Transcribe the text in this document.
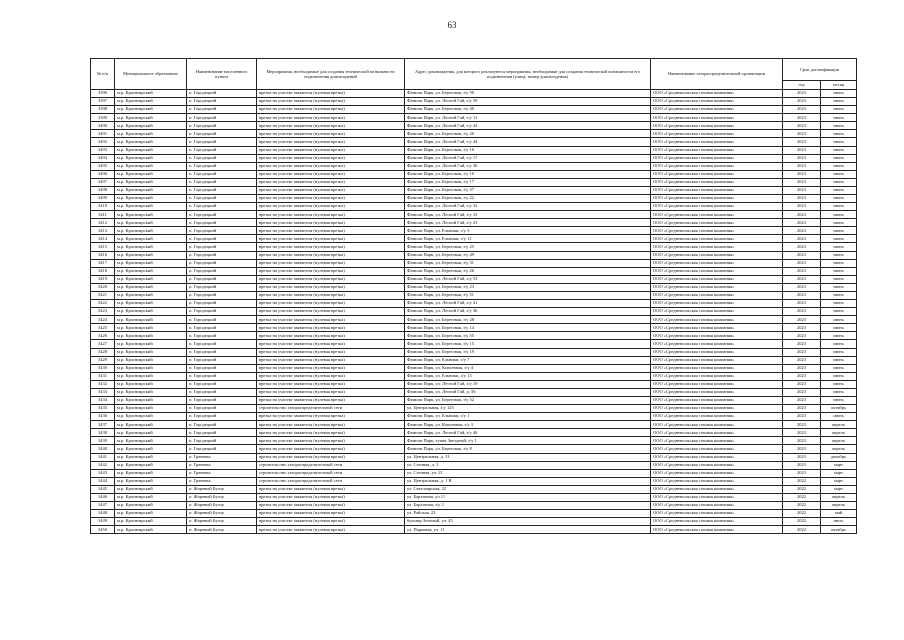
63
№ п/п	Муниципальное образование	Наименование населенного пункта	Мероприятия, необходимые для создания технической возможности подключения домовладений	Адрес домовладения, для которого реализуются мероприятия, необходимые для создания технической возможности его подключения (улица, номер домовладения)	Наименование газораспределительной организации	Срок догазификации	
						год	месяц
3396	м.р. Красноярский	п. Городецкий	врезка на участке заявителя (нулевая врезка)	Фэмили Парк, ул. Береговая, з/у 50	ООО «Средневолжская газовая компания»	2023	июнь
3397	м.р. Красноярский	п. Городецкий	врезка на участке заявителя (нулевая врезка)	Фэмили Парк, ул. Лесной Гай, з/у 39	ООО «Средневолжская газовая компания»	2023	июнь
3398	м.р. Красноярский	п. Городецкий	врезка на участке заявителя (нулевая врезка)	Фэмили Парк, ул. Береговая, з/у 40	ООО «Средневолжская газовая компания»	2023	июнь
3399	м.р. Красноярский	п. Городецкий	врезка на участке заявителя (нулевая врезка)	Фэмили Парк, ул. Лесной Гай, з/у 12	ООО «Средневолжская газовая компания»	2023	июнь
3400	м.р. Красноярский	п. Городецкий	врезка на участке заявителя (нулевая врезка)	Фэмили Парк, ул. Лесной Гай, з/у 42	ООО «Средневолжская газовая компания»	2023	июнь
3401	м.р. Красноярский	п. Городецкий	врезка на участке заявителя (нулевая врезка)	Фэмили Парк, ул. Береговая, з/у 20	ООО «Средневолжская газовая компания»	2023	июнь
3402	м.р. Красноярский	п. Городецкий	врезка на участке заявителя (нулевая врезка)	Фэмили Парк, ул. Лесной Гай, з/у 44	ООО «Средневолжская газовая компания»	2023	июнь
3403	м.р. Красноярский	п. Городецкий	врезка на участке заявителя (нулевая врезка)	Фэмили Парк, ул. Береговая, з/у 16	ООО «Средневолжская газовая компания»	2023	июнь
3404	м.р. Красноярский	п. Городецкий	врезка на участке заявителя (нулевая врезка)	Фэмили Парк, ул. Лесной Гай, з/у 17	ООО «Средневолжская газовая компания»	2023	июнь
3405	м.р. Красноярский	п. Городецкий	врезка на участке заявителя (нулевая врезка)	Фэмили Парк, ул. Лесной Гай, з/у 36	ООО «Средневолжская газовая компания»	2023	июнь
3406	м.р. Красноярский	п. Городецкий	врезка на участке заявителя (нулевая врезка)	Фэмили Парк, ул. Береговая, з/у 10	ООО «Средневолжская газовая компания»	2023	июнь
3407	м.р. Красноярский	п. Городецкий	врезка на участке заявителя (нулевая врезка)	Фэмили Парк, ул. Береговая, з/у 17	ООО «Средневолжская газовая компания»	2023	июнь
3408	м.р. Красноярский	п. Городецкий	врезка на участке заявителя (нулевая врезка)	Фэмили Парк, ул. Береговая, з/у 37	ООО «Средневолжская газовая компания»	2023	июнь
3409	м.р. Красноярский	п. Городецкий	врезка на участке заявителя (нулевая врезка)	Фэмили Парк, ул. Береговая, з/у 22	ООО «Средневолжская газовая компания»	2023	июнь
3410	м.р. Красноярский	п. Городецкий	врезка на участке заявителя (нулевая врезка)	Фэмили Парк, ул. Лесной Гай, з/у 32	ООО «Средневолжская газовая компания»	2023	июнь
3411	м.р. Красноярский	п. Городецкий	врезка на участке заявителя (нулевая врезка)	Фэмили Парк, ул. Лесной Гай, з/у 33	ООО «Средневолжская газовая компания»	2023	июнь
3412	м.р. Красноярский	п. Городецкий	врезка на участке заявителя (нулевая врезка)	Фэмили Парк, ул. Лесной Гай, з/у 23	ООО «Средневолжская газовая компания»	2023	июнь
3413	м.р. Красноярский	п. Городецкий	врезка на участке заявителя (нулевая врезка)	Фэмили Парк, ул. Ельники, з/у 3	ООО «Средневолжская газовая компания»	2023	июнь
3414	м.р. Красноярский	п. Городецкий	врезка на участке заявителя (нулевая врезка)	Фэмили Парк, ул. Ельники, з/у 11	ООО «Средневолжская газовая компания»	2023	июнь
3415	м.р. Красноярский	п. Городецкий	врезка на участке заявителя (нулевая врезка)	Фэмили Парк, ул. Береговая, з/у 25	ООО «Средневолжская газовая компания»	2023	июнь
3416	м.р. Красноярский	п. Городецкий	врезка на участке заявителя (нулевая врезка)	Фэмили Парк, ул. Береговая, з/у 49	ООО «Средневолжская газовая компания»	2023	июнь
3417	м.р. Красноярский	п. Городецкий	врезка на участке заявителя (нулевая врезка)	Фэмили Парк, ул. Береговая, з/у 31	ООО «Средневолжская газовая компания»	2023	июнь
3418	м.р. Красноярский	п. Городецкий	врезка на участке заявителя (нулевая врезка)	Фэмили Парк, ул. Береговая, з/у 26	ООО «Средневолжская газовая компания»	2023	июнь
3419	м.р. Красноярский	п. Городецкий	врезка на участке заявителя (нулевая врезка)	Фэмили Парк, ул. Лесной Гай, з/у 53	ООО «Средневолжская газовая компания»	2023	июнь
3420	м.р. Красноярский	п. Городецкий	врезка на участке заявителя (нулевая врезка)	Фэмили Парк, ул. Береговая, з/у 23	ООО «Средневолжская газовая компания»	2023	июнь
3421	м.р. Красноярский	п. Городецкий	врезка на участке заявителя (нулевая врезка)	Фэмили Парк, ул. Береговая, з/у 51	ООО «Средневолжская газовая компания»	2023	июнь
3422	м.р. Красноярский	п. Городецкий	врезка на участке заявителя (нулевая врезка)	Фэмили Парк, ул. Лесной Гай, з/у 41	ООО «Средневолжская газовая компания»	2023	июнь
3423	м.р. Красноярский	п. Городецкий	врезка на участке заявителя (нулевая врезка)	Фэмили Парк, ул. Лесной Гай, з/у 36	ООО «Средневолжская газовая компания»	2023	июнь
3424	м.р. Красноярский	п. Городецкий	врезка на участке заявителя (нулевая врезка)	Фэмили Парк, ул. Береговая, з/у 28	ООО «Средневолжская газовая компания»	2023	июнь
3425	м.р. Красноярский	п. Городецкий	врезка на участке заявителя (нулевая врезка)	Фэмили Парк, ул. Береговая, з/у 14	ООО «Средневолжская газовая компания»	2023	июнь
3426	м.р. Красноярский	п. Городецкий	врезка на участке заявителя (нулевая врезка)	Фэмили Парк, ул. Береговая, з/у 55	ООО «Средневолжская газовая компания»	2023	июнь
3427	м.р. Красноярский	п. Городецкий	врезка на участке заявителя (нулевая врезка)	Фэмили Парк, ул. Береговая, з/у 15	ООО «Средневолжская газовая компания»	2023	июнь
3428	м.р. Красноярский	п. Городецкий	врезка на участке заявителя (нулевая врезка)	Фэмили Парк, ул. Береговая, з/у 19	ООО «Средневолжская газовая компания»	2023	июнь
3429	м.р. Красноярский	п. Городецкий	врезка на участке заявителя (нулевая врезка)	Фэмили Парк, ул. Ельники, з/у 7	ООО «Средневолжская газовая компания»	2023	июнь
3430	м.р. Красноярский	п. Городецкий	врезка на участке заявителя (нулевая врезка)	Фэмили Парк, ул. Копьевная, з/у 4	ООО «Средневолжская газовая компания»	2023	июнь
3431	м.р. Красноярский	п. Городецкий	врезка на участке заявителя (нулевая врезка)	Фэмили Парк, ул. Ельники, з/у 13	ООО «Средневолжская газовая компания»	2023	июнь
3432	м.р. Красноярский	п. Городецкий	врезка на участке заявителя (нулевая врезка)	Фэмили Парк, ул. Лесной Гай, з/у 19	ООО «Средневолжская газовая компания»	2023	июнь
3433	м.р. Красноярский	п. Городецкий	врезка на участке заявителя (нулевая врезка)	Фэмили Парк, ул. Лесной Гай, д. 56	ООО «Средневолжская газовая компания»	2023	июнь
3434	м.р. Красноярский	п. Городецкий	врезка на участке заявителя (нулевая врезка)	Фэмили Парк, ул. Береговая, з/у 52	ООО «Средневолжская газовая компания»	2023	июнь
3435	м.р. Красноярский	п. Городецкий	строительство газораспределительной сети	ул. Центральная, з/у 125	ООО «Средневолжская газовая компания»	2023	октябрь
3436	м.р. Красноярский	п. Городецкий	врезка на участке заявителя (нулевая врезка)	Фэмили Парк, ул. Ельники, з/у 1	ООО «Средневолжская газовая компания»	2023	июнь
3437	м.р. Красноярский	п. Городецкий	врезка на участке заявителя (нулевая врезка)	Фэмили Парк, ул. Копьевная, з/у 3	ООО «Средневолжская газовая компания»	2023	апрель
3438	м.р. Красноярский	п. Городецкий	врезка на участке заявителя (нулевая врезка)	Фэмили Парк, ул. Лесной Гай, з/у 46	ООО «Средневолжская газовая компания»	2023	апрель
3439	м.р. Красноярский	п. Городецкий	врезка на участке заявителя (нулевая врезка)	Фэмили Парк, тупик Звездный, з/у 1	ООО «Средневолжская газовая компания»	2023	апрель
3440	м.р. Красноярский	п. Городецкий	врезка на участке заявителя (нулевая врезка)	Фэмили Парк, ул. Береговая, з/у 8	ООО «Средневолжская газовая компания»	2023	апрель
3441	м.р. Красноярский	п. Грачевка	врезка на участке заявителя (нулевая врезка)	ул. Центральная, д. 31	ООО «Средневолжская газовая компания»	2023	декабрь
3442	м.р. Красноярский	п. Грачевка	строительство газораспределительной сети	ул. Степная, д. 3	ООО «Средневолжская газовая компания»	2023	март
3443	м.р. Красноярский	п. Грачевка	строительство газораспределительной сети	ул. Степная, уч. 21	ООО «Средневолжская газовая компания»	2023	март
3444	м.р. Красноярский	п. Грачевка	строительство газораспределительной сети	ул. Центральная, д. 1 В	ООО «Средневолжская газовая компания»	2022	март
3445	м.р. Красноярский	п. Жареный Бугор	врезка на участке заявителя (нулевая врезка)	ул. Светлоярская, 22	ООО «Средневолжская газовая компания»	2022	март
3446	м.р. Красноярский	п. Жареный Бугор	врезка на участке заявителя (нулевая врезка)	ул. Бархатная, уч 11	ООО «Средневолжская газовая компания»	2022	апрель
3447	м.р. Красноярский	п. Жареный Бугор	врезка на участке заявителя (нулевая врезка)	ул. Бархатная, з/у 2	ООО «Средневолжская газовая компания»	2022	апрель
3448	м.р. Красноярский	п. Жареный Бугор	врезка на участке заявителя (нулевая врезка)	ул. Райская, 23	ООО «Средневолжская газовая компания»	2022	май
3449	м.р. Красноярский	п. Жареный Бугор	врезка на участке заявителя (нулевая врезка)	бульвар Зеленый, уч. 45	ООО «Средневолжская газовая компания»	2022	июль
3450	м.р. Красноярский	п. Жареный Бугор	врезка на участке заявителя (нулевая врезка)	ул. Парковая, уч. 11	ООО «Средневолжская газовая компания»	2022	октябрь
